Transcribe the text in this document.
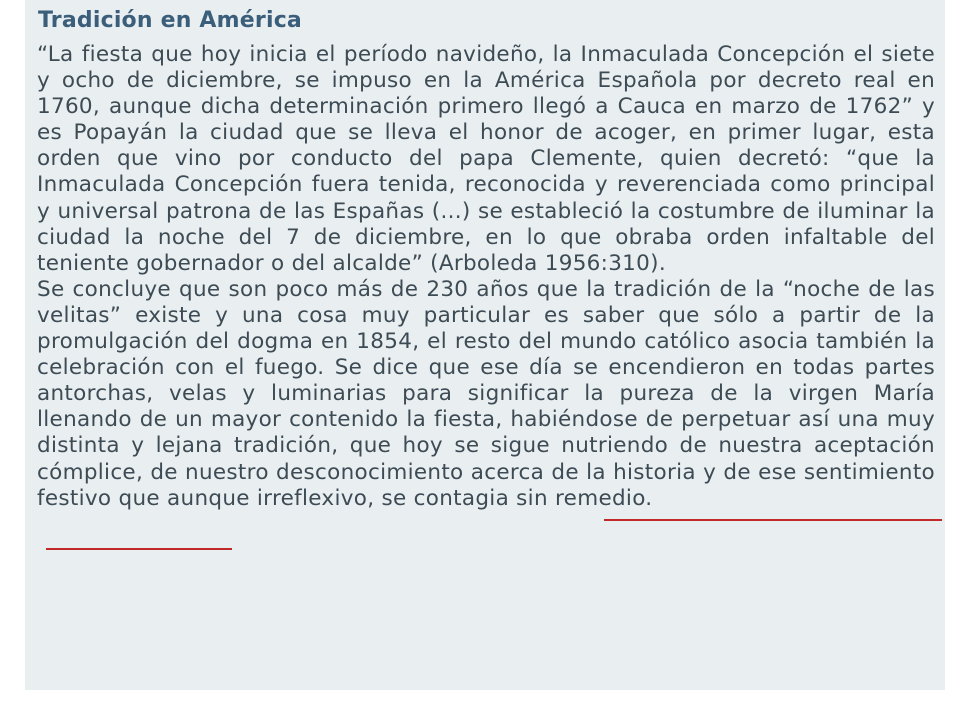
Tradición en América

“La fiesta que hoy inicia el período navideño, la Inmaculada Concepción el siete y ocho de diciembre, se impuso en la América Española por decreto real en 1760, aunque dicha determinación primero llegó a Cauca en marzo de 1762” y es Popayán la ciudad que se lleva el honor de acoger, en primer lugar, esta orden que vino por conducto del papa Clemente, quien decretó: “que la Inmaculada Concepción fuera tenida, reconocida y reverenciada como principal y universal patrona de las Españas (...) se estableció la costumbre de iluminar la ciudad la noche del 7 de diciembre, en lo que obraba orden infaltable del teniente gobernador o del alcalde” (Arboleda 1956:310).

Se concluye que son poco más de 230 años que la tradición de la “noche de las velitas” existe y una cosa muy particular es saber que sólo a partir de la promulgación del dogma en 1854, el resto del mundo católico asocia también la celebración con el fuego. Se dice que ese día se encendieron en todas partes antorchas, velas y luminarias para significar la pureza de la virgen María llenando de un mayor contenido la fiesta, habiéndose de perpetuar así una muy distinta y lejana tradición, que hoy se sigue nutriendo de nuestra aceptación cómplice, de nuestro desconocimiento acerca de la historia y de ese sentimiento festivo que aunque irreflexivo, se contagia sin remedio.
